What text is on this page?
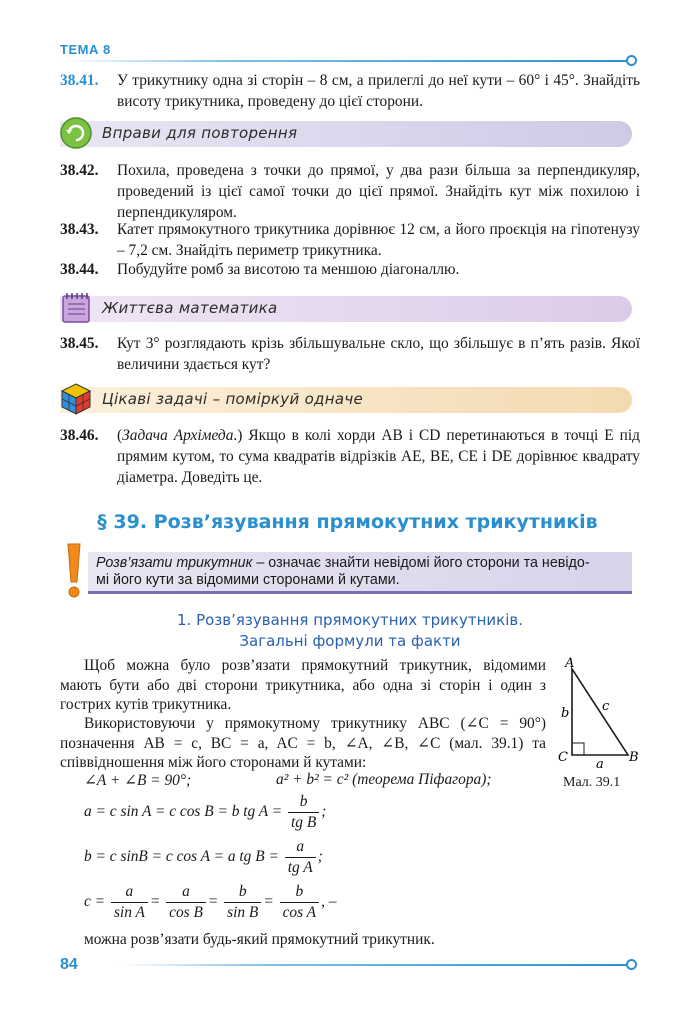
ТЕМА 8
38.41. У трикутнику одна зі сторін – 8 см, а прилеглі до неї кути – 60° і 45°. Знайдіть висоту трикутника, проведену до цієї сторони.
Вправи для повторення
38.42. Похила, проведена з точки до прямої, у два рази більша за перпендикуляр, проведений із цієї самої точки до цієї прямої. Знайдіть кут між похилою і перпендикуляром.
38.43. Катет прямокутного трикутника дорівнює 12 см, а його проєкція на гіпотенузу – 7,2 см. Знайдіть периметр трикутника.
38.44. Побудуйте ромб за висотою та меншою діагоналлю.
Життєва математика
38.45. Кут 3° розглядають крізь збільшувальне скло, що збільшує в п’ять разів. Якої величини здається кут?
Цікаві задачі – поміркуй одначе
38.46. (Задача Архімеда.) Якщо в колі хорди AB і CD перетинаються в точці E під прямим кутом, то сума квадратів відрізків AE, BE, CE і DE дорівнює квадрату діаметра. Доведіть це.
§ 39. Розв’язування прямокутних трикутників
Розв’язати трикутник – означає знайти невідомі його сторони та невідо-
мі його кути за відомими сторонами й кутами.
1. Розв’язування прямокутних трикутників.
Загальні формули та факти
Щоб можна було розв’язати прямокутний трикутник, відомими мають бути або дві сторони трикутника, або одна зі сторін і один з гострих кутів трикутника.
Використовуючи у прямокутному трикутнику ABC (∠C = 90°) позначення AB = c, BC = a, AC = b, ∠A, ∠B, ∠C (мал. 39.1) та співвідношення між його сторонами й кутами:
A
C	B
b	c
a
Мал. 39.1
∠A + ∠B = 90°;	a² + b² = c² (теорема Піфагора);
a = c sin A = c cos B = b tg $A = \frac{b}{\text{tg B}}$ ;
b = c sinB = c cos A = a tg $B = \frac{a}{\text{tg A}}$ ;
$c = \frac{a}{\text{sin A}} = \frac{a}{\text{cos B}} = \frac{b}{\text{sin B}} = \frac{b}{\text{cos A}}$ , –
можна розв’язати будь-який прямокутний трикутник.
84
